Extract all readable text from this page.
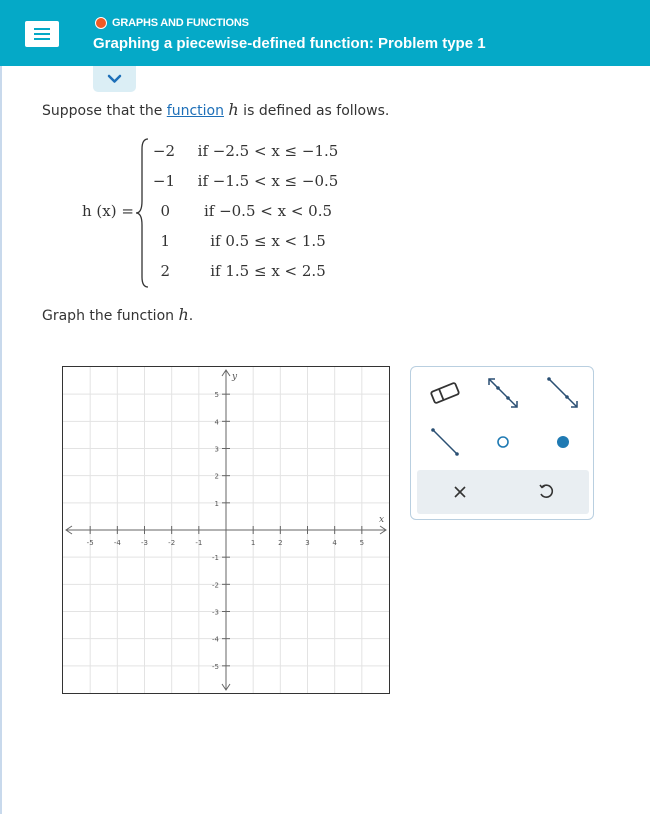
GRAPHS AND FUNCTIONS
Graphing a piecewise-defined function: Problem type 1
Suppose that the function h is defined as follows.
h (x) =
−2	if −2.5 < x ≤ −1.5
−1	if −1.5 < x ≤ −0.5
0	if −0.5 < x < 0.5
1	if 0.5 ≤ x < 1.5
2	if 1.5 ≤ x < 2.5
Graph the function h.
-5	-4	-3	-2	-1	1	2	3	4	5
5
4
3
2
1
-1
-2
-3
-4
-5
x
y
